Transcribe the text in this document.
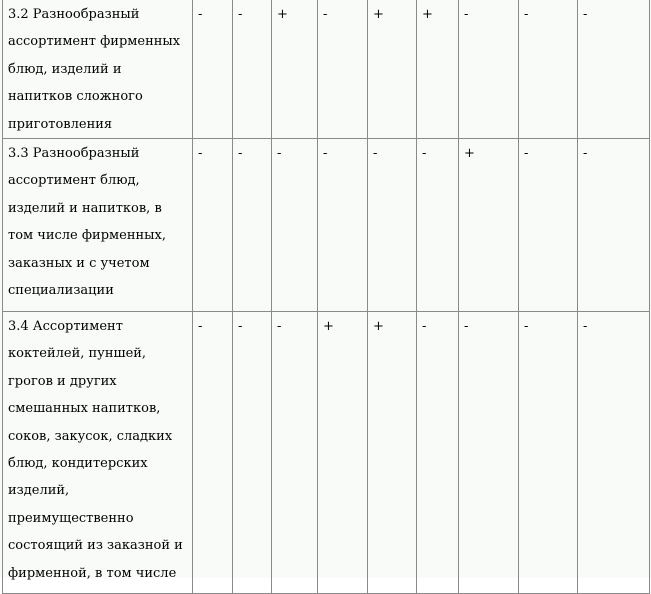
3.2 Разнообразный ассортимент фирменных блюд, изделий и напитков сложного приготовления	-	-	+	-	+	+	-	-	-
3.3 Разнообразный ассортимент блюд, изделий и напитков, в том числе фирменных, заказных и с учетом специализации	-	-	-	-	-	-	+	-	-
3.4 Ассортимент коктейлей, пуншей, грогов и других смешанных напитков, соков, закусок, сладких блюд, кондитерских изделий, преимущественно состоящий из заказной и фирменной, в том числе	-	-	-	+	+	-	-	-	-
